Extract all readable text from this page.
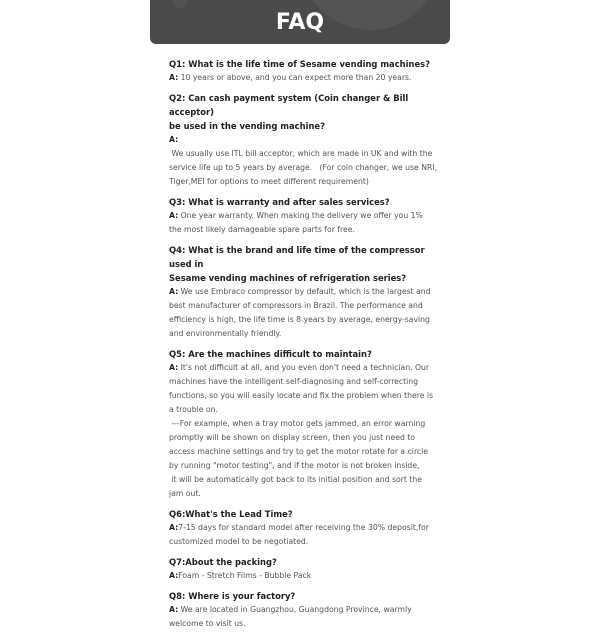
FAQ
Q1: What is the life time of Sesame vending machines?
A: 10 years or above, and you can expect more than 20 years.
Q2: Can cash payment system (Coin changer & Bill acceptor)
be used in the vending machine?
A: We usually use ITL bill acceptor, which are made in UK and with the
service life up to 5 years by average.   (For coin changer, we use NRI,
Tiger,MEI for options to meet different requirement)
Q3: What is warranty and after sales services?
A: One year warranty. When making the delivery we offer you 1%
the most likely damageable spare parts for free.
Q4: What is the brand and life time of the compressor used in
Sesame vending machines of refrigeration series?
A: We use Embraco compressor by default, which is the largest and
best manufacturer of compressors in Brazil. The performance and
efficiency is high, the life time is 8 years by average, energy-saving
and environmentally friendly.
Q5: Are the machines difficult to maintain?
A: It's not difficult at all, and you even don't need a technician. Our
machines have the intelligent self-diagnosing and self-correcting
functions, so you will easily locate and fix the problem when there is
a trouble on.
---For example, when a tray motor gets jammed, an error warning
promptly will be shown on display screen, then you just need to
access machine settings and try to get the motor rotate for a circle
by running "motor testing", and if the motor is not broken inside,
it will be automatically got back to its initial position and sort the
jam out.
Q6:What's the Lead Time?
A:7-15 days for standard model after receiving the 30% deposit,for
customized model to be negotiated.
Q7:About the packing?
A:Foam - Stretch Films - Bubble Pack
Q8: Where is your factory?
A: We are located in Guangzhou, Guangdong Province, warmly
welcome to visit us.
